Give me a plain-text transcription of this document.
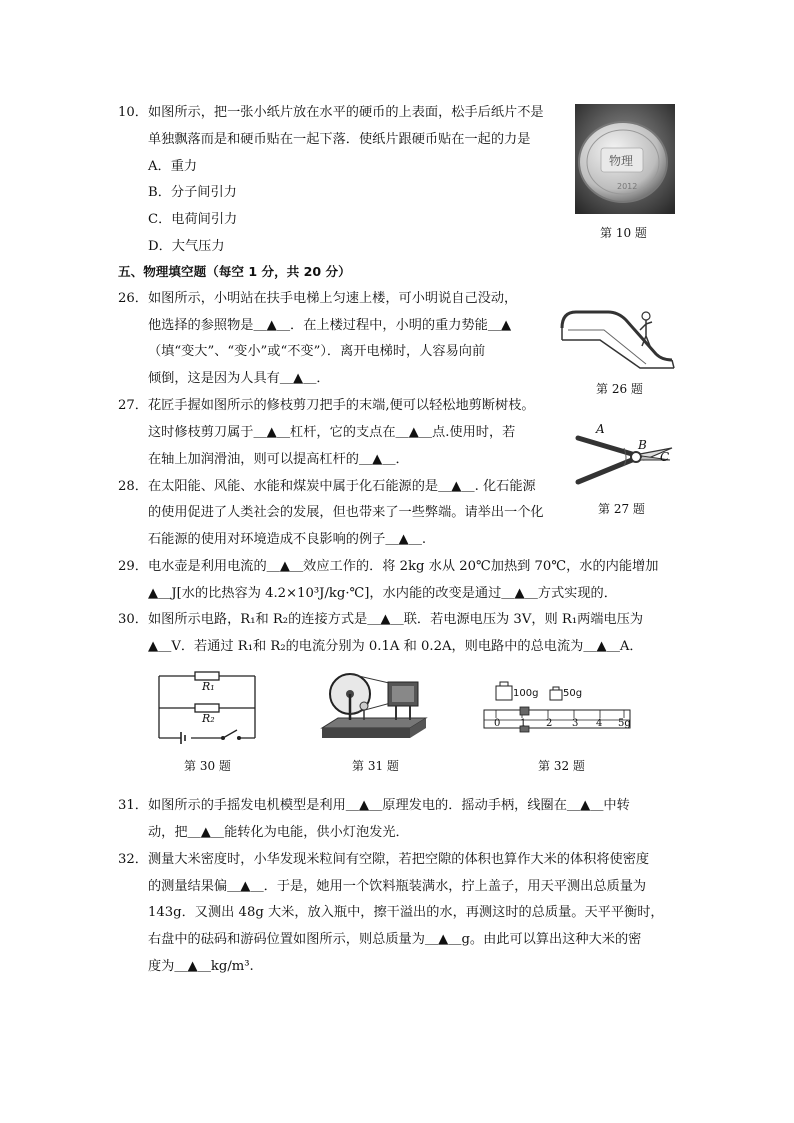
10．如图所示，把一张小纸片放在水平的硬币的上表面，松手后纸片不是
单独飘落而是和硬币贴在一起下落．使纸片跟硬币贴在一起的力是
A．重力
B．分子间引力
C．电荷间引力
D．大气压力
物理
2012
第 10 题
五、物理填空题（每空 1 分，共 20 分）
26．如图所示，小明站在扶手电梯上匀速上楼，可小明说自己没动，
他选择的参照物是＿▲＿．在上楼过程中，小明的重力势能＿▲
（填“变大”、“变小”或“不变”）．离开电梯时，人容易向前
倾倒，这是因为人具有＿▲＿．
第 26 题
27．花匠手握如图所示的修枝剪刀把手的末端,便可以轻松地剪断树枝。
这时修枝剪刀属于＿▲＿杠杆，它的支点在＿▲＿点.使用时，若
在轴上加润滑油，则可以提高杠杆的＿▲＿．
A
B
C
第 27 题
28．在太阳能、风能、水能和煤炭中属于化石能源的是＿▲＿. 化石能源
的使用促进了人类社会的发展，但也带来了一些弊端。请举出一个化
石能源的使用对环境造成不良影响的例子＿▲＿.
29．电水壶是利用电流的＿▲＿效应工作的．将 2kg 水从 20℃加热到 70℃，水的内能增加
▲＿J[水的比热容为 4.2×10³J/kg·℃]，水内能的改变是通过＿▲＿方式实现的．
30．如图所示电路，R₁和 R₂的连接方式是＿▲＿联．若电源电压为 3V，则 R₁两端电压为
▲＿V．若通过 R₁和 R₂的电流分别为 0.1A 和 0.2A，则电路中的总电流为＿▲＿A．
R₁
R₂
第 30 题	第 31 题
100g 50g
0 1 2 3 4 5g
第 32 题
31．如图所示的手摇发电机模型是利用＿▲＿原理发电的．摇动手柄，线圈在＿▲＿中转
动，把＿▲＿能转化为电能，供小灯泡发光．
32．测量大米密度时，小华发现米粒间有空隙，若把空隙的体积也算作大米的体积将使密度
的测量结果偏＿▲＿．于是，她用一个饮料瓶装满水，拧上盖子，用天平测出总质量为
143g．又测出 48g 大米，放入瓶中，擦干溢出的水，再测这时的总质量。天平平衡时，
右盘中的砝码和游码位置如图所示，则总质量为＿▲＿g。由此可以算出这种大米的密
度为＿▲＿kg/m³.
